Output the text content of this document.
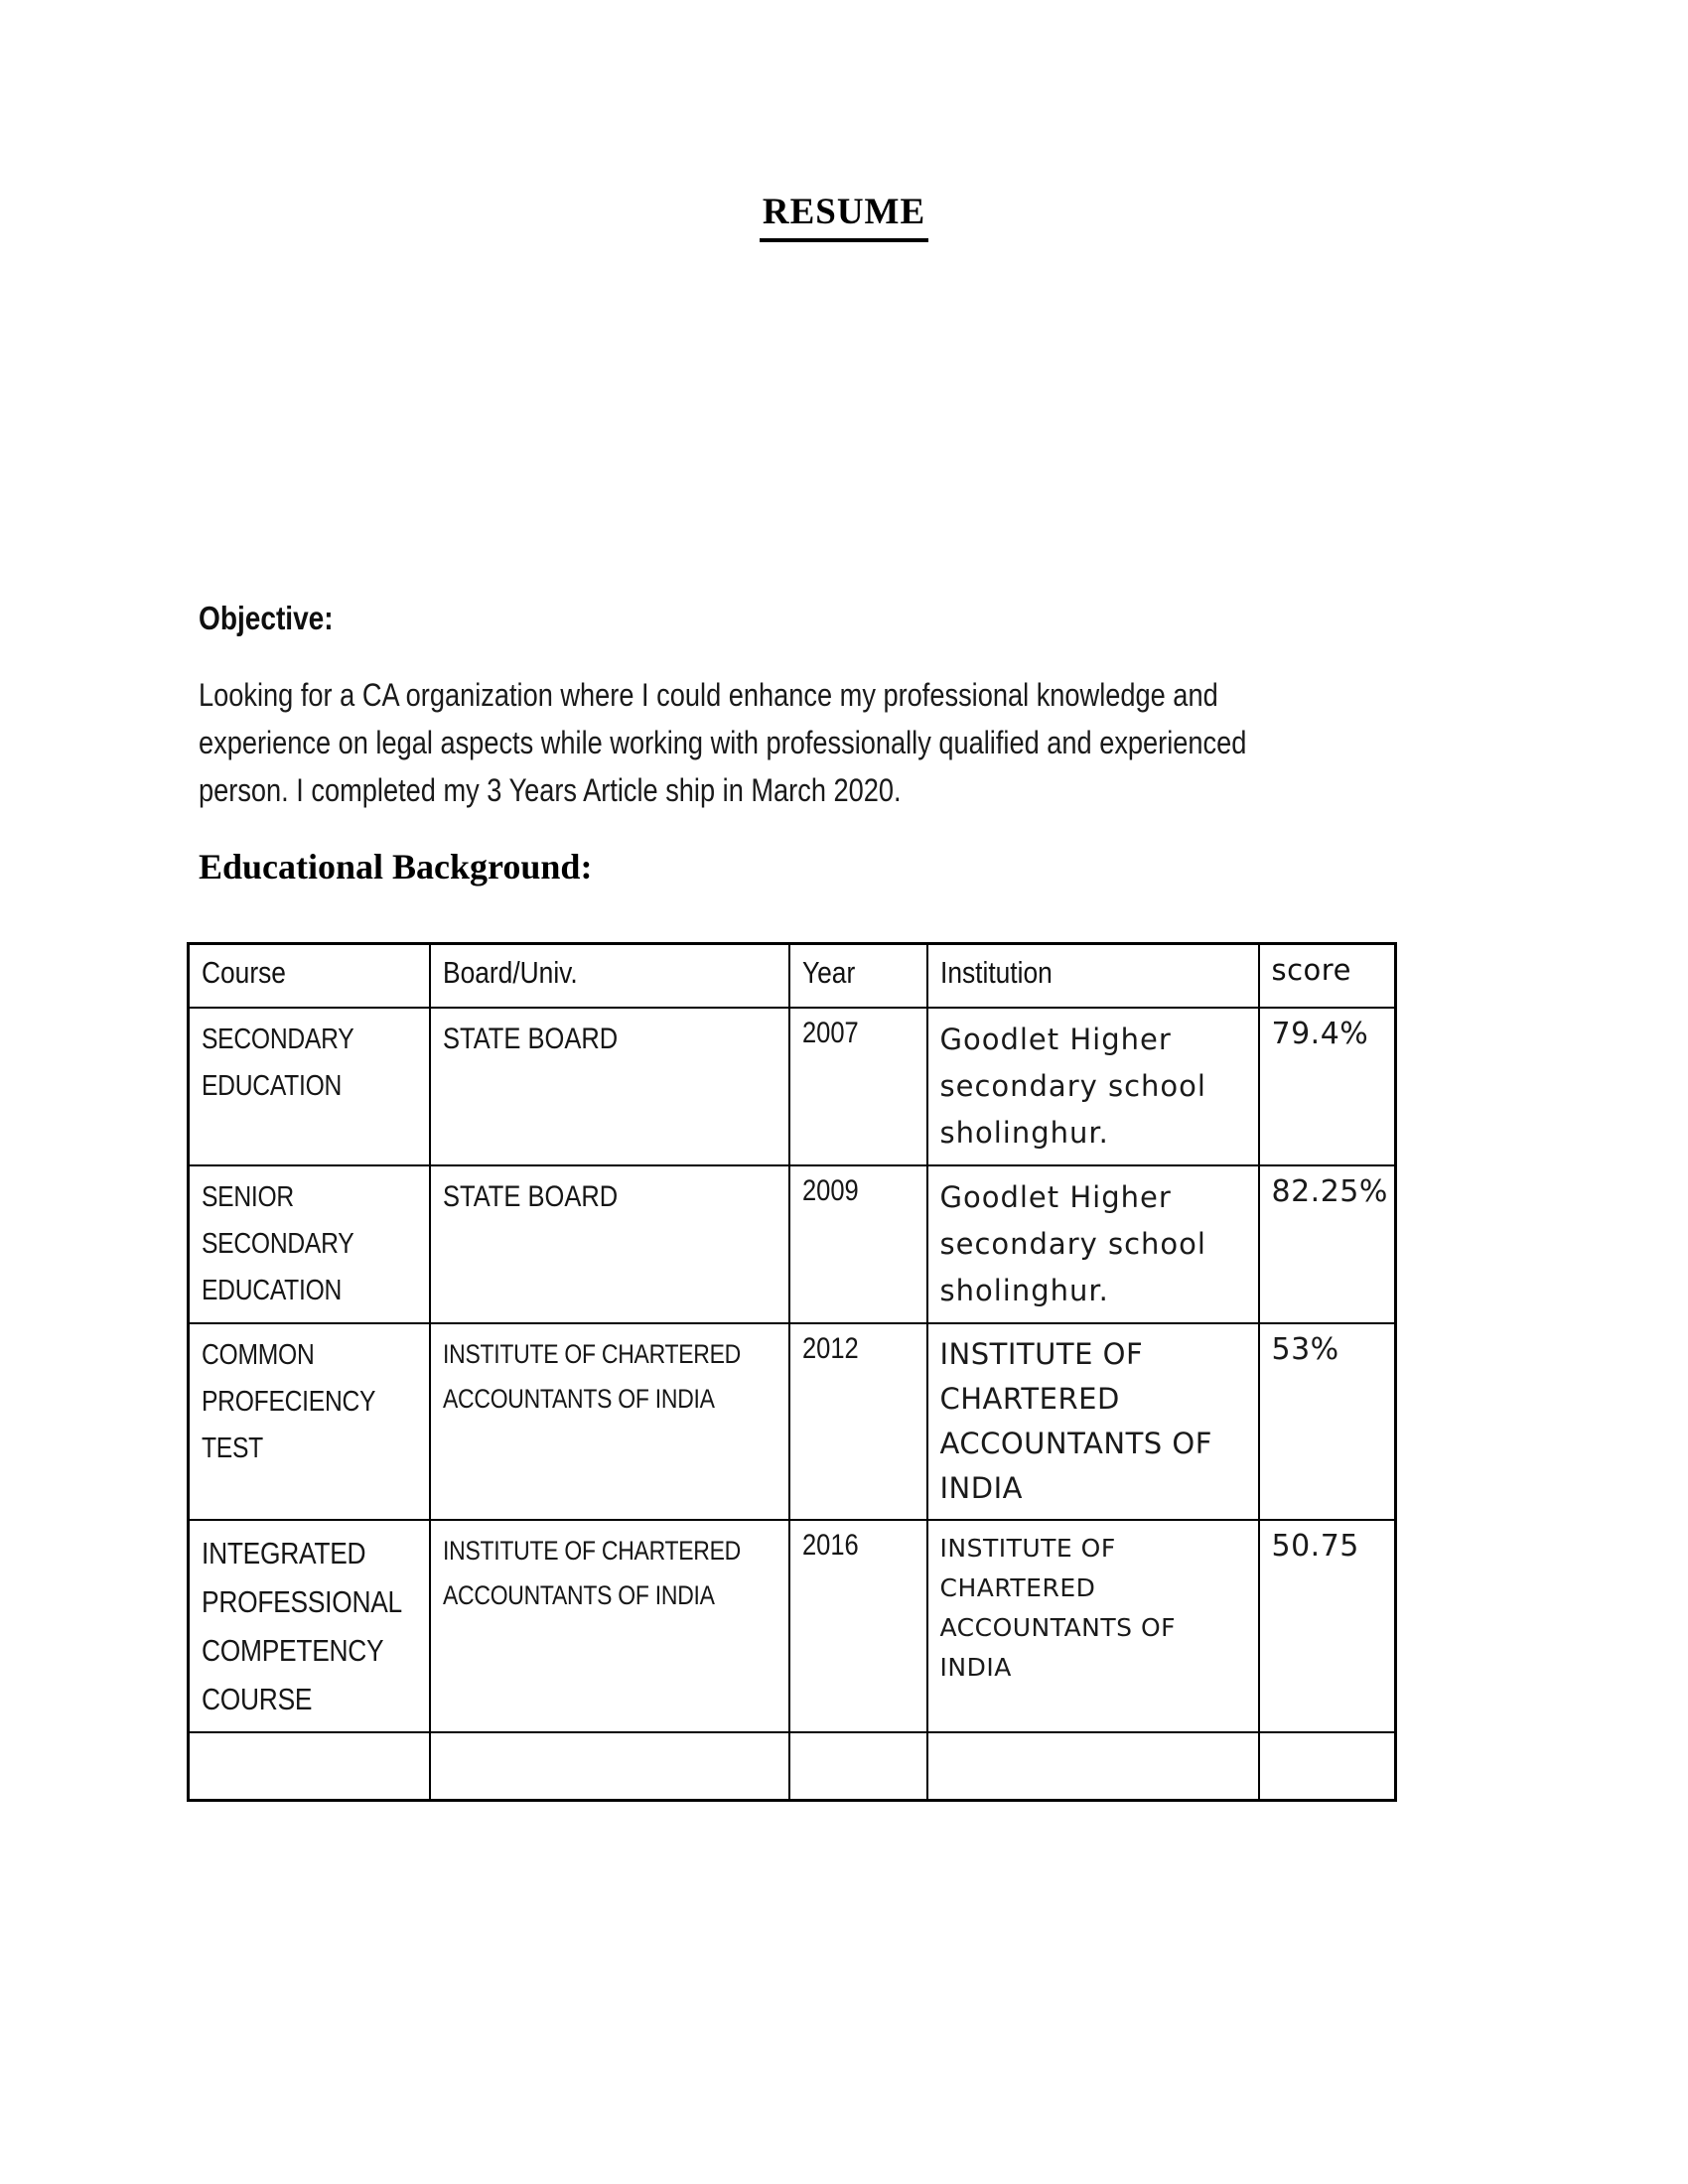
RESUME
Objective:
Looking for a CA organization where I could enhance my professional knowledge and
experience on legal aspects while working with professionally qualified and experienced
person. I completed my 3 Years Article ship in March 2020.
Educational Background:
Course	Board/Univ.	Year	Institution	score

SECONDARY EDUCATION	STATE BOARD	2007	Goodlet Higher secondary school sholinghur.	79.4%

SENIOR SECONDARY EDUCATION	STATE BOARD	2009	Goodlet Higher secondary school sholinghur.	82.25%

COMMON PROFECIENCY TEST	INSTITUTE OF CHARTERED ACCOUNTANTS OF INDIA	2012	INSTITUTE OF CHARTERED ACCOUNTANTS OF INDIA	53%

INTEGRATED PROFESSIONAL COMPETENCY COURSE	INSTITUTE OF CHARTERED ACCOUNTANTS OF INDIA	2016	INSTITUTE OF CHARTERED ACCOUNTANTS OF INDIA	50.75
